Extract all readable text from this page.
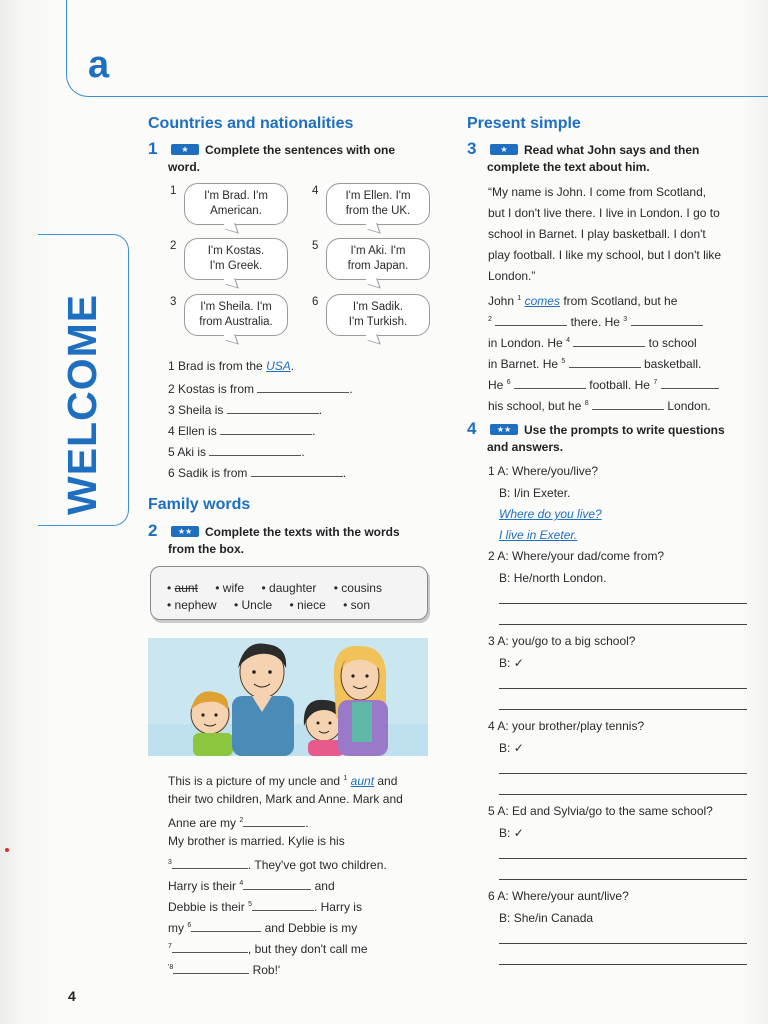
a
WELCOME
Countries and nationalities
1	★	Complete the sentences with one word.
1	I'm Brad. I'm
American.
2	I'm Kostas.
I'm Greek.
3	I'm Sheila. I'm
from Australia.
4	I'm Ellen. I'm
from the UK.
5	I'm Aki. I'm
from Japan.
6	I'm Sadik.
I'm Turkish.
1 Brad is from the USA.
2 Kostas is from	.
3 Sheila is	.
4 Ellen is	.
5 Aki is	.
6 Sadik is from	.
Family words
2	★★	Complete the texts with the words from the box.
• aunt • wife • daughter • cousins • nephew • Uncle • niece • son
This is a picture of my uncle and $^1$ aunt and
their two children, Mark and Anne. Mark and
Anne are my $^2$	.
My brother is married. Kylie is his
$^3$	. They've got two children.
Harry is their $^4$	and
Debbie is their $^5$	. Harry is
my $^6$	and Debbie is my
$^7$	, but they don't call me
$^{'8}$	Rob!'
4
Present simple
3	★	Read what John says and then complete the text about him.
“My name is John. I come from Scotland,
but I don't live there. I live in London. I go to
school in Barnet. I play basketball. I don't
play football. I like my school, but I don't like
London.”
John $^1$ comes from Scotland, but he
$^2$	there. He $^3$
in London. He $^4$	to school
in Barnet. He $^5$	basketball.
He $^6$	football. He $^7$
his school, but he $^8$	London.
4	★★	Use the prompts to write questions and answers.
1 A: Where/you/live?
B: I/in Exeter.
Where do you live?
I live in Exeter.
2 A: Where/your dad/come from?
B: He/north London.
3 A: you/go to a big school?
B: ✓
4 A: your brother/play tennis?
B: ✓
5 A: Ed and Sylvia/go to the same school?
B: ✓
6 A: Where/your aunt/live?
B: She/in Canada
